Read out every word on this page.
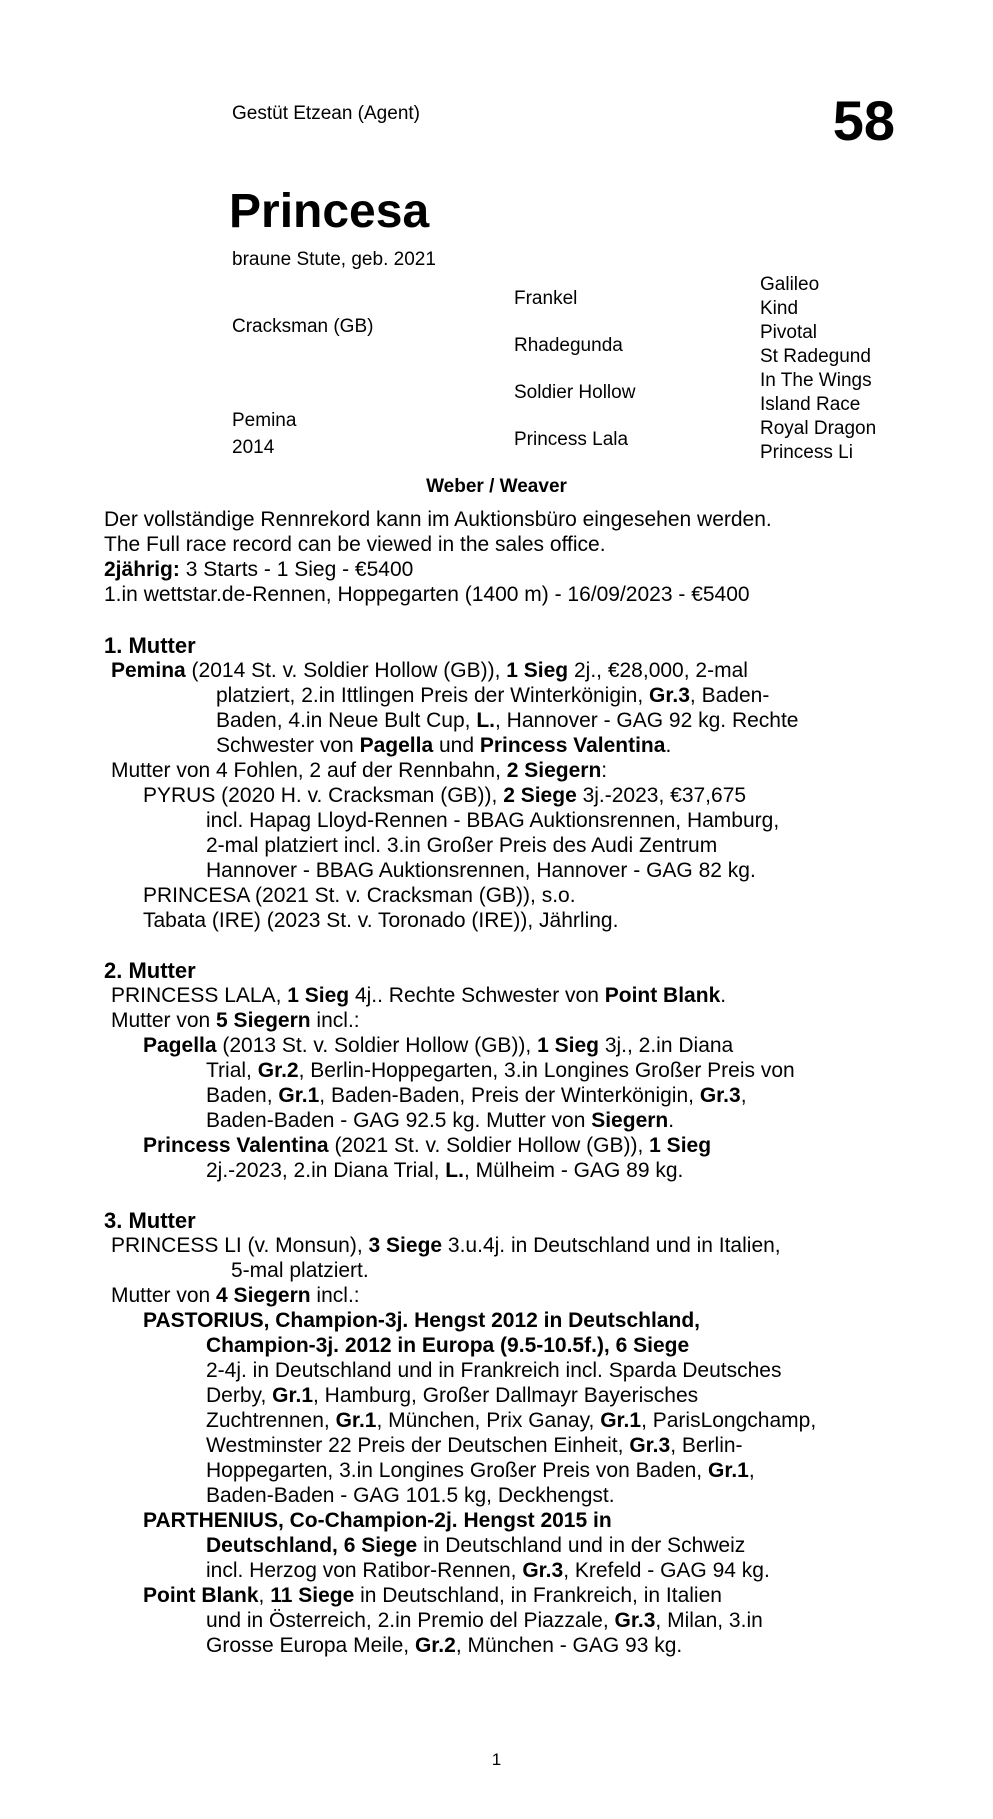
Gestüt Etzean (Agent)	58
Princesa
braune Stute, geb. 2021
Cracksman (GB)
Pemina
2014
Frankel
Rhadegunda
Soldier Hollow
Princess Lala
Galileo
Kind
Pivotal
St Radegund
In The Wings
Island Race
Royal Dragon
Princess Li
Weber / Weaver
Der vollständige Rennrekord kann im Auktionsbüro eingesehen werden.
The Full race record can be viewed in the sales office.
2jährig: 3 Starts - 1 Sieg - €5400
1.in wettstar.de-Rennen, Hoppegarten (1400 m) - 16/09/2023 - €5400
1. Mutter
Pemina (2014 St. v. Soldier Hollow (GB)), 1 Sieg 2j., €28,000, 2-mal
platziert, 2.in Ittlingen Preis der Winterkönigin, Gr.3, Baden-
Baden, 4.in Neue Bult Cup, L., Hannover - GAG 92 kg. Rechte
Schwester von Pagella und Princess Valentina.
Mutter von 4 Fohlen, 2 auf der Rennbahn, 2 Siegern:
PYRUS (2020 H. v. Cracksman (GB)), 2 Siege 3j.-2023, €37,675
incl. Hapag Lloyd-Rennen - BBAG Auktionsrennen, Hamburg,
2-mal platziert incl. 3.in Großer Preis des Audi Zentrum
Hannover - BBAG Auktionsrennen, Hannover - GAG 82 kg.
PRINCESA (2021 St. v. Cracksman (GB)), s.o.
Tabata (IRE) (2023 St. v. Toronado (IRE)), Jährling.
2. Mutter
PRINCESS LALA, 1 Sieg 4j.. Rechte Schwester von Point Blank.
Mutter von 5 Siegern incl.:
Pagella (2013 St. v. Soldier Hollow (GB)), 1 Sieg 3j., 2.in Diana
Trial, Gr.2, Berlin-Hoppegarten, 3.in Longines Großer Preis von
Baden, Gr.1, Baden-Baden, Preis der Winterkönigin, Gr.3,
Baden-Baden - GAG 92.5 kg. Mutter von Siegern.
Princess Valentina (2021 St. v. Soldier Hollow (GB)), 1 Sieg
2j.-2023, 2.in Diana Trial, L., Mülheim - GAG 89 kg.
3. Mutter
PRINCESS LI (v. Monsun), 3 Siege 3.u.4j. in Deutschland und in Italien,
5-mal platziert.
Mutter von 4 Siegern incl.:
PASTORIUS, Champion-3j. Hengst 2012 in Deutschland,
Champion-3j. 2012 in Europa (9.5-10.5f.), 6 Siege
2-4j. in Deutschland und in Frankreich incl. Sparda Deutsches
Derby, Gr.1, Hamburg, Großer Dallmayr Bayerisches
Zuchtrennen, Gr.1, München, Prix Ganay, Gr.1, ParisLongchamp,
Westminster 22 Preis der Deutschen Einheit, Gr.3, Berlin-
Hoppegarten, 3.in Longines Großer Preis von Baden, Gr.1,
Baden-Baden - GAG 101.5 kg, Deckhengst.
PARTHENIUS, Co-Champion-2j. Hengst 2015 in
Deutschland, 6 Siege in Deutschland und in der Schweiz
incl. Herzog von Ratibor-Rennen, Gr.3, Krefeld - GAG 94 kg.
Point Blank, 11 Siege in Deutschland, in Frankreich, in Italien
und in Österreich, 2.in Premio del Piazzale, Gr.3, Milan, 3.in
Grosse Europa Meile, Gr.2, München - GAG 93 kg.
1
